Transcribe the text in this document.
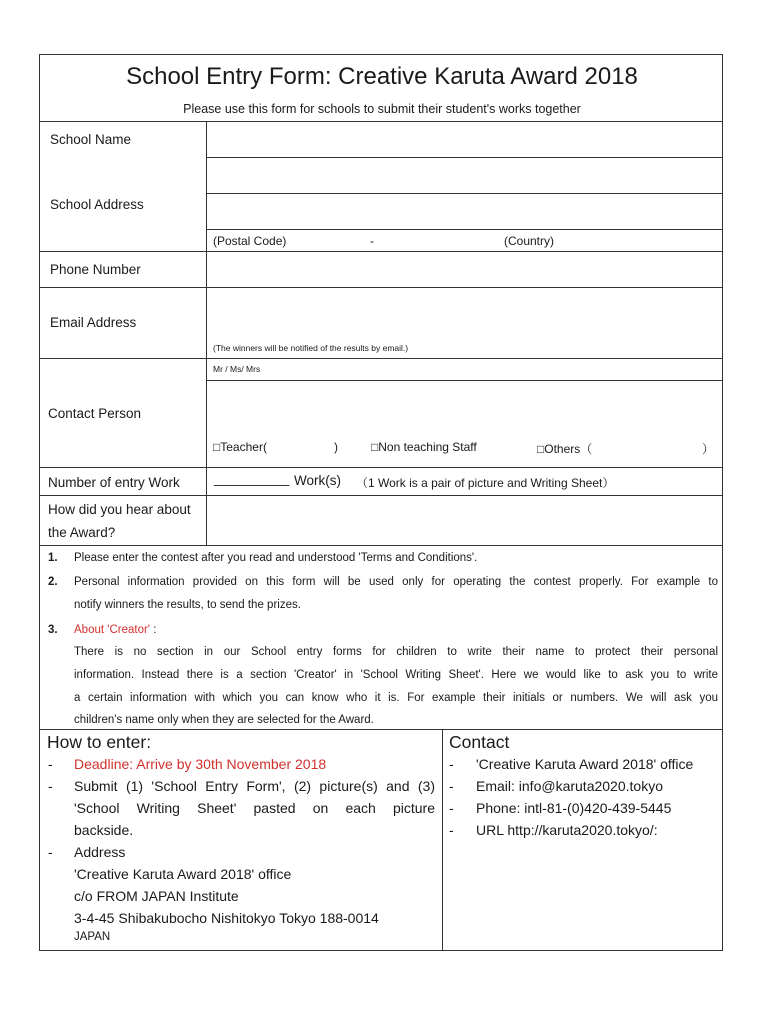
School Entry Form: Creative Karuta Award 2018
Please use this form for schools to submit their student's works together
School Name
School Address
(Postal Code)	-	(Country)
Phone Number
Email Address
(The winners will be notified of the results by email.)
Contact Person
Mr / Ms/ Mrs
□Teacher(	)	□Non teaching Staff	□Others（	）
Number of entry Work	__________ Work(s) （1 Work is a pair of picture and Writing Sheet）
How did you hear about
the Award?
1. Please enter the contest after you read and understood 'Terms and Conditions'.
2. Personal information provided on this form will be used only for operating the contest properly. For example to
notify winners the results, to send the prizes.
3. About 'Creator' :
There is no section in our School entry forms for children to write their name to protect their personal
information. Instead there is a section 'Creator' in 'School Writing Sheet'. Here we would like to ask you to write
a certain information with which you can know who it is. For example their initials or numbers. We will ask you
children's name only when they are selected for the Award.
How to enter:
- Deadline: Arrive by 30th November 2018
- Submit (1) 'School Entry Form', (2) picture(s) and (3)
'School Writing Sheet' pasted on each picture
backside.
- Address
'Creative Karuta Award 2018' office
c/o FROM JAPAN Institute
3-4-45 Shibakubocho Nishitokyo Tokyo 188-0014
JAPAN
Contact
- 'Creative Karuta Award 2018' office
- Email: info@karuta2020.tokyo
- Phone: intl-81-(0)420-439-5445
- URL http://karuta2020.tokyo/:
